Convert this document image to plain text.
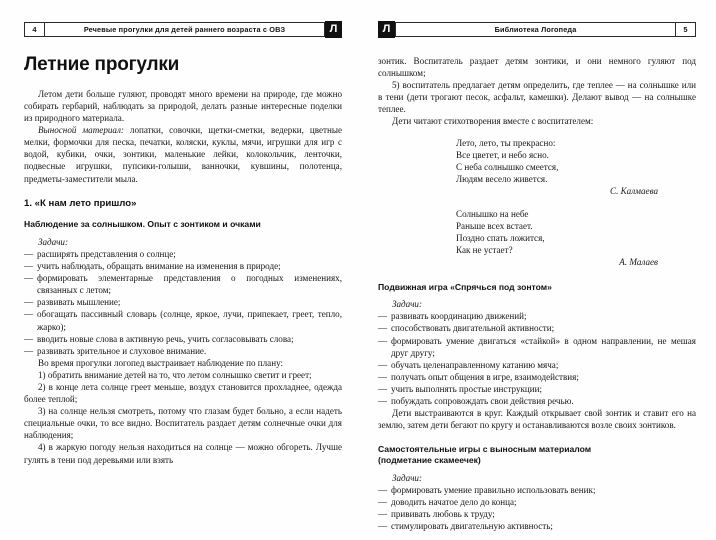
4	Речевые прогулки для детей раннего возраста с ОВЗ	Л
Летние прогулки

Летом дети больше гуляют, проводят много времени на природе, где можно собирать гербарий, наблюдать за природой, делать разные интересные поделки из природного материала.

Выносной материал: лопатки, совочки, щетки-сметки, ведерки, цветные мелки, формочки для песка, печатки, коляски, куклы, мячи, игрушки для игр с водой, кубики, очки, зонтики, маленькие лейки, колокольчик, ленточки, подвесные игрушки, пупсики-голыши, ванночки, кувшины, полотенца, предметы-заместители мыла.

1. «К нам лето пришло»
Наблюдение за солнышком. Опыт с зонтиком и очками
Задачи:
— расширять представления о солнце;
— учить наблюдать, обращать внимание на изменения в природе;
— формировать элементарные представления о погодных изменениях, связанных с летом;
— развивать мышление;
— обогащать пассивный словарь (солнце, яркое, лучи, припекает, греет, тепло, жарко);
— вводить новые слова в активную речь, учить согласовывать слова;
— развивать зрительное и слуховое внимание.

Во время прогулки логопед выстраивает наблюдение по плану:

1) обратить внимание детей на то, что летом солнышко светит и греет;
2) в конце лета солнце греет меньше, воздух становится прохладнее, одежда более теплой;
3) на солнце нельзя смотреть, потому что глазам будет больно, а если надеть специальные очки, то все видно. Воспитатель раздает детям солнечные очки для наблюдения;
4) в жаркую погоду нельзя находиться на солнце — можно обгореть. Лучше гулять в тени под деревьями или взять
Л	Библиотека Логопеда	5

зонтик. Воспитатель раздает детям зонтики, и они немного гуляют под солнышком;

5) воспитатель предлагает детям определить, где теплее — на солнышке или в тени (дети трогают песок, асфальт, камешки). Делают вывод — на солнышке теплее.

Дети читают стихотворения вместе с воспитателем:

Лето, лето, ты прекрасно:
Все цветет, и небо ясно.
С неба солнышко смеется,
Людям весело живется.
С. Калмаева
Солнышко на небе
Раньше всех встает.
Поздно спать ложится,
Как не устает?
А. Малаев
Подвижная игра «Спрячься под зонтом»
Задачи:
— развивать координацию движений;
— способствовать двигательной активности;
— формировать умение двигаться «стайкой» в одном направлении, не мешая друг другу;
— обучать целенаправленному катанию мяча;
— получать опыт общения в игре, взаимодействия;
— учить выполнять простые инструкции;
— побуждать сопровождать свои действия речью.

Дети выстраиваются в круг. Каждый открывает свой зонтик и ставит его на землю, затем дети бегают по кругу и останавливаются возле своих зонтиков.

Самостоятельные игры с выносным материалом
(подметание скамеечек)
Задачи:
— формировать умение правильно использовать веник;
— доводить начатое дело до конца;
— прививать любовь к труду;
— стимулировать двигательную активность;
